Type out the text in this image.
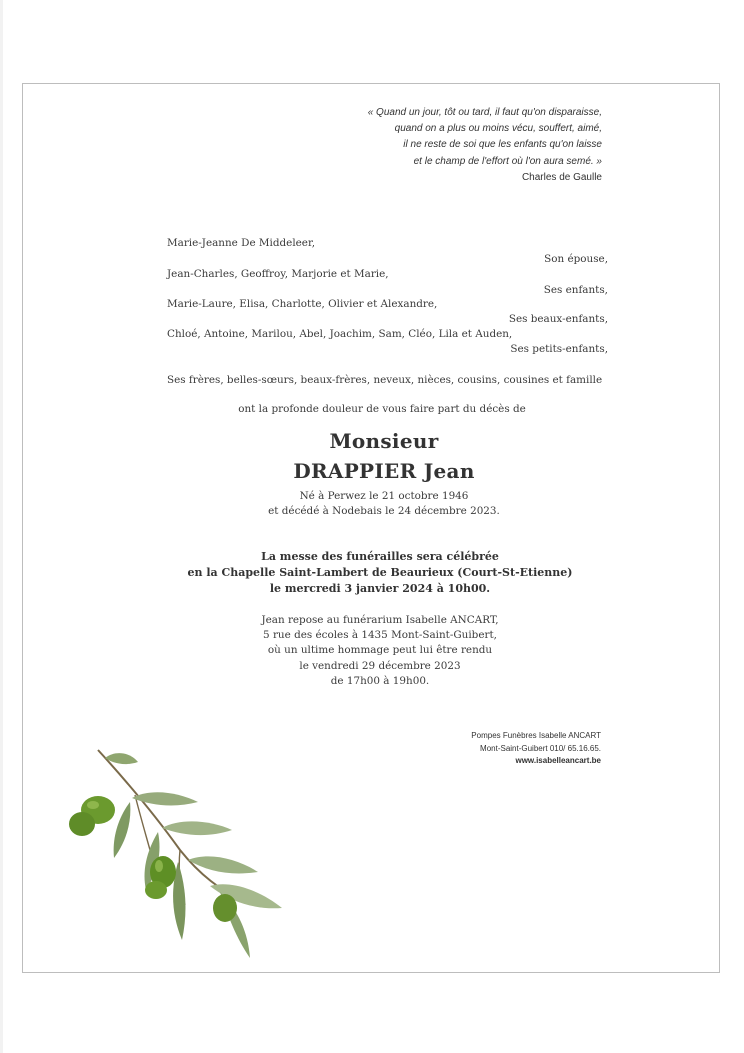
« Quand un jour, tôt ou tard, il faut qu'on disparaisse,
quand on a plus ou moins vécu, souffert, aimé,
il ne reste de soi que les enfants qu'on laisse
et le champ de l'effort où l'on aura semé. »
Charles de Gaulle
Marie-Jeanne De Middeleer,
Son épouse,
Jean-Charles, Geoffroy, Marjorie et Marie,
Ses enfants,
Marie-Laure, Elisa, Charlotte, Olivier et Alexandre,
Ses beaux-enfants,
Chloé, Antoine, Marilou, Abel, Joachim, Sam, Cléo, Lila et Auden,
Ses petits-enfants,
Ses frères, belles-sœurs, beaux-frères, neveux, nièces, cousins, cousines et famille
ont la profonde douleur de vous faire part du décès de
Monsieur
DRAPPIER Jean
Né à Perwez le 21 octobre 1946
et décédé à Nodebais le 24 décembre 2023.
La messe des funérailles sera célébrée
en la Chapelle Saint-Lambert de Beaurieux (Court-St-Etienne)
le mercredi 3 janvier 2024 à 10h00.
Jean repose au funérarium Isabelle ANCART,
5 rue des écoles à 1435 Mont-Saint-Guibert,
où un ultime hommage peut lui être rendu
le vendredi 29 décembre 2023
de 17h00 à 19h00.
Pompes Funèbres Isabelle ANCART
Mont-Saint-Guibert 010/ 65.16.65.
www.isabelleancart.be
